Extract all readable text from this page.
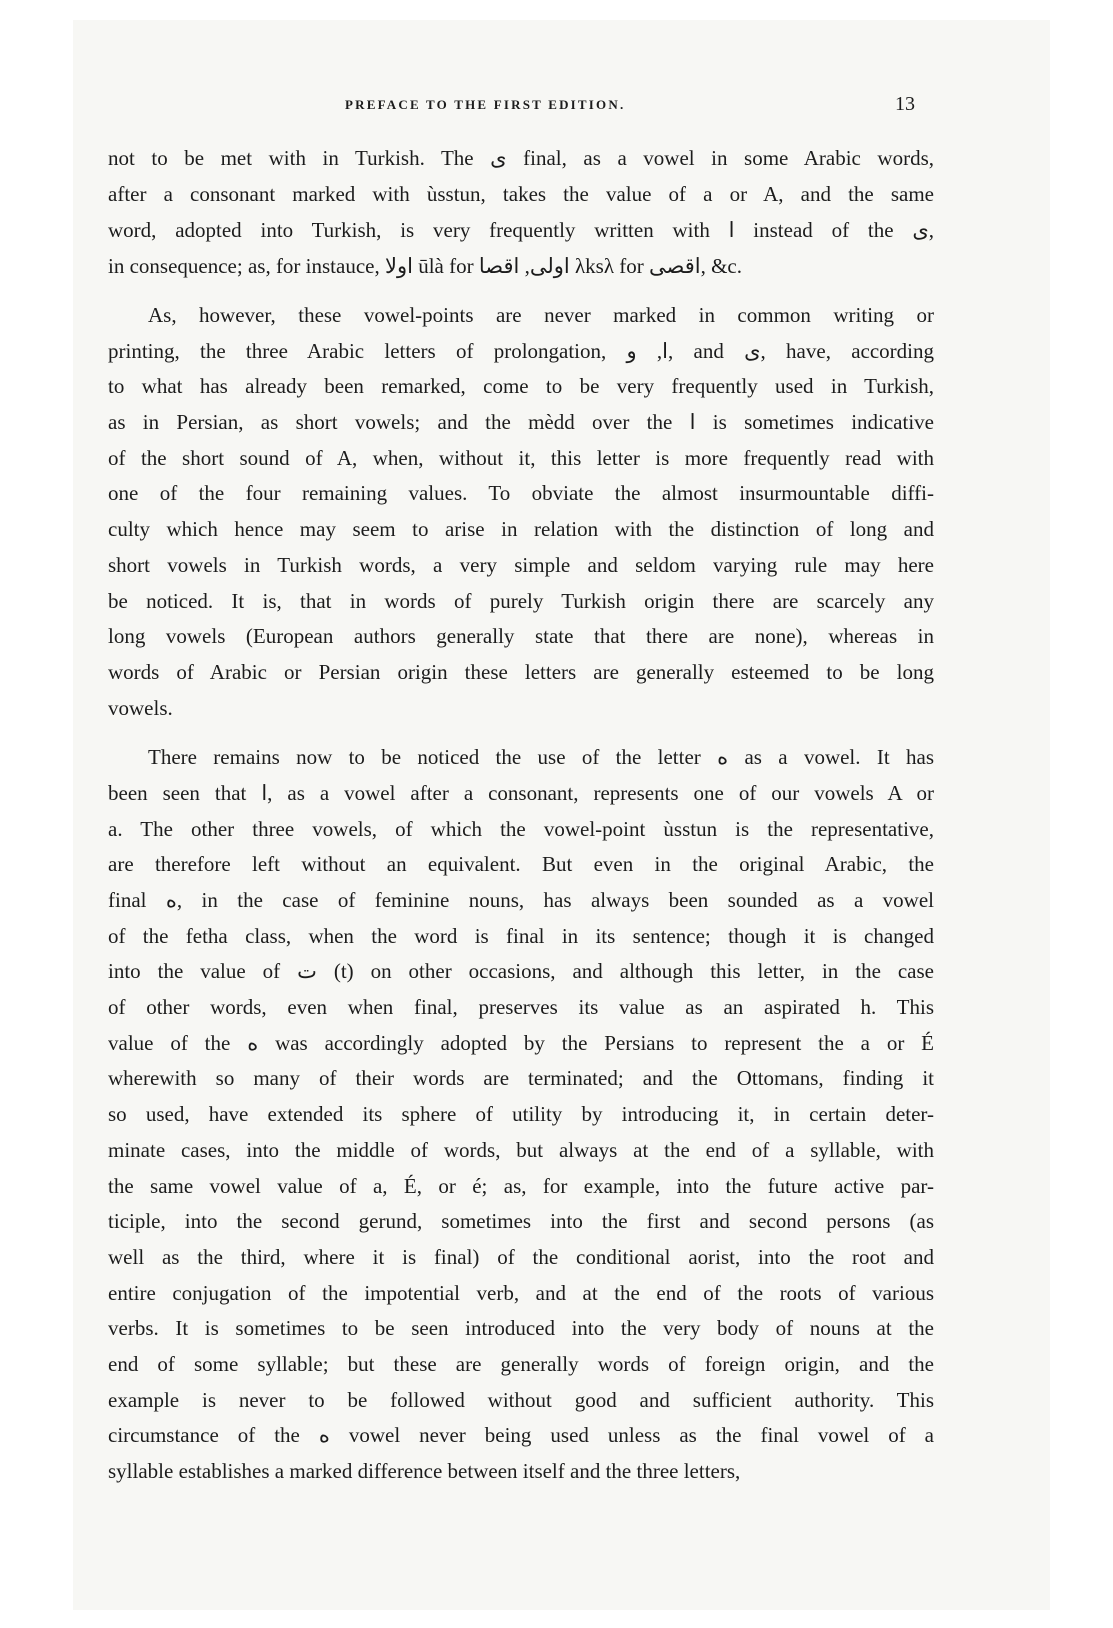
PREFACE TO THE FIRST EDITION.	13
not to be met with in Turkish. The ى final, as a vowel in some Arabic words,
after a consonant marked with ùsstun, takes the value of a or A, and the same
word, adopted into Turkish, is very frequently written with ا instead of the ى,
in consequence; as, for instauce, اولا ūlà for اولى, اقصا λksλ for اقصى, &c.
As, however, these vowel-points are never marked in common writing or
printing, the three Arabic letters of prolongation, ا, و, and ى, have, according
to what has already been remarked, come to be very frequently used in Turkish,
as in Persian, as short vowels; and the mèdd over the ا is sometimes indicative
of the short sound of A, when, without it, this letter is more frequently read with
one of the four remaining values. To obviate the almost insurmountable diffi-
culty which hence may seem to arise in relation with the distinction of long and
short vowels in Turkish words, a very simple and seldom varying rule may here
be noticed. It is, that in words of purely Turkish origin there are scarcely any
long vowels (European authors generally state that there are none), whereas in
words of Arabic or Persian origin these letters are generally esteemed to be long
vowels.
There remains now to be noticed the use of the letter ه as a vowel. It has
been seen that ا, as a vowel after a consonant, represents one of our vowels A or
a. The other three vowels, of which the vowel-point ùsstun is the representative,
are therefore left without an equivalent. But even in the original Arabic, the
final ه, in the case of feminine nouns, has always been sounded as a vowel
of the fetha class, when the word is final in its sentence; though it is changed
into the value of ت (t) on other occasions, and although this letter, in the case
of other words, even when final, preserves its value as an aspirated h. This
value of the ه was accordingly adopted by the Persians to represent the a or É
wherewith so many of their words are terminated; and the Ottomans, finding it
so used, have extended its sphere of utility by introducing it, in certain deter-
minate cases, into the middle of words, but always at the end of a syllable, with
the same vowel value of a, É, or é; as, for example, into the future active par-
ticiple, into the second gerund, sometimes into the first and second persons (as
well as the third, where it is final) of the conditional aorist, into the root and
entire conjugation of the impotential verb, and at the end of the roots of various
verbs. It is sometimes to be seen introduced into the very body of nouns at the
end of some syllable; but these are generally words of foreign origin, and the
example is never to be followed without good and sufficient authority. This
circumstance of the ه vowel never being used unless as the final vowel of a
syllable establishes a marked difference between itself and the three letters,
